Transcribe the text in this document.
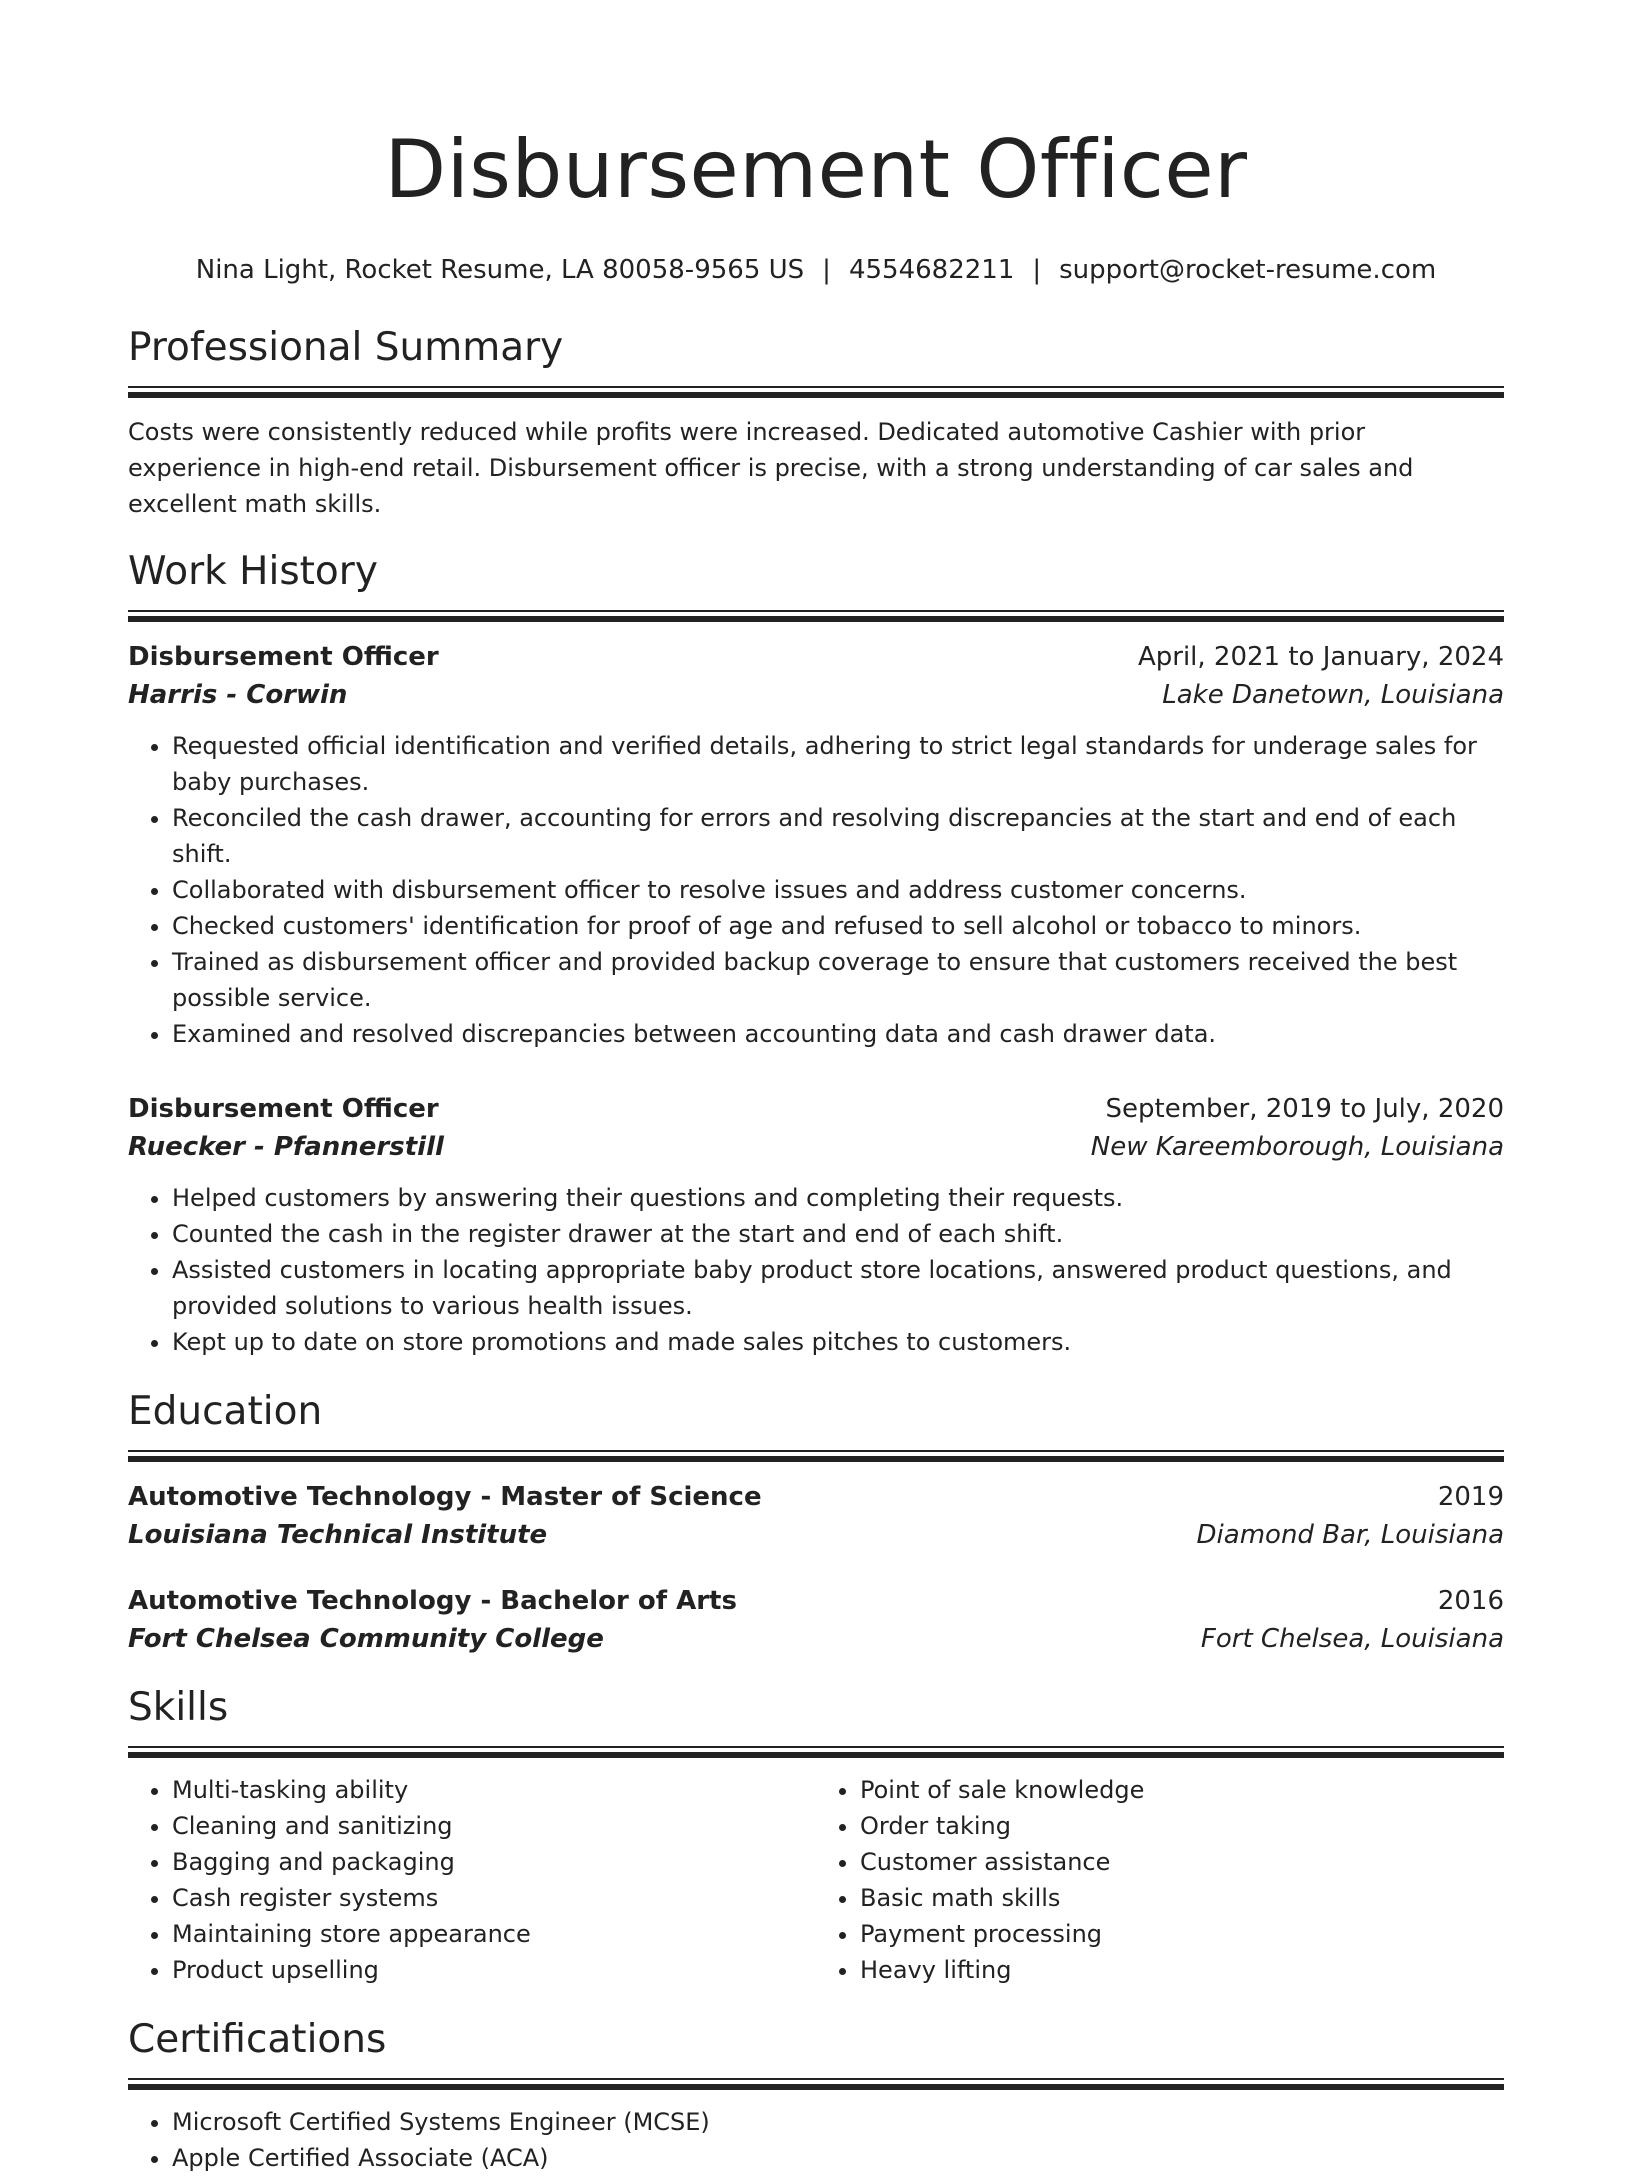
Disbursement Officer
Nina Light, Rocket Resume, LA 80058-9565 US | 4554682211 | support@rocket-resume.com
Professional Summary
Costs were consistently reduced while profits were increased. Dedicated automotive Cashier with prior experience in high-end retail. Disbursement officer is precise, with a strong understanding of car sales and excellent math skills.
Work History
Disbursement Officer	April, 2021 to January, 2024
Harris - Corwin	Lake Danetown, Louisiana
• Requested official identification and verified details, adhering to strict legal standards for underage sales for baby purchases.
• Reconciled the cash drawer, accounting for errors and resolving discrepancies at the start and end of each shift.
• Collaborated with disbursement officer to resolve issues and address customer concerns.
• Checked customers' identification for proof of age and refused to sell alcohol or tobacco to minors.
• Trained as disbursement officer and provided backup coverage to ensure that customers received the best possible service.
• Examined and resolved discrepancies between accounting data and cash drawer data.
Disbursement Officer	September, 2019 to July, 2020
Ruecker - Pfannerstill	New Kareemborough, Louisiana
• Helped customers by answering their questions and completing their requests.
• Counted the cash in the register drawer at the start and end of each shift.
• Assisted customers in locating appropriate baby product store locations, answered product questions, and provided solutions to various health issues.
• Kept up to date on store promotions and made sales pitches to customers.
Education
Automotive Technology - Master of Science	2019
Louisiana Technical Institute	Diamond Bar, Louisiana
Automotive Technology - Bachelor of Arts	2016
Fort Chelsea Community College	Fort Chelsea, Louisiana
Skills
• Multi-tasking ability
• Cleaning and sanitizing
• Bagging and packaging
• Cash register systems
• Maintaining store appearance
• Product upselling
• Point of sale knowledge
• Order taking
• Customer assistance
• Basic math skills
• Payment processing
• Heavy lifting
Certifications
• Microsoft Certified Systems Engineer (MCSE)
• Apple Certified Associate (ACA)
